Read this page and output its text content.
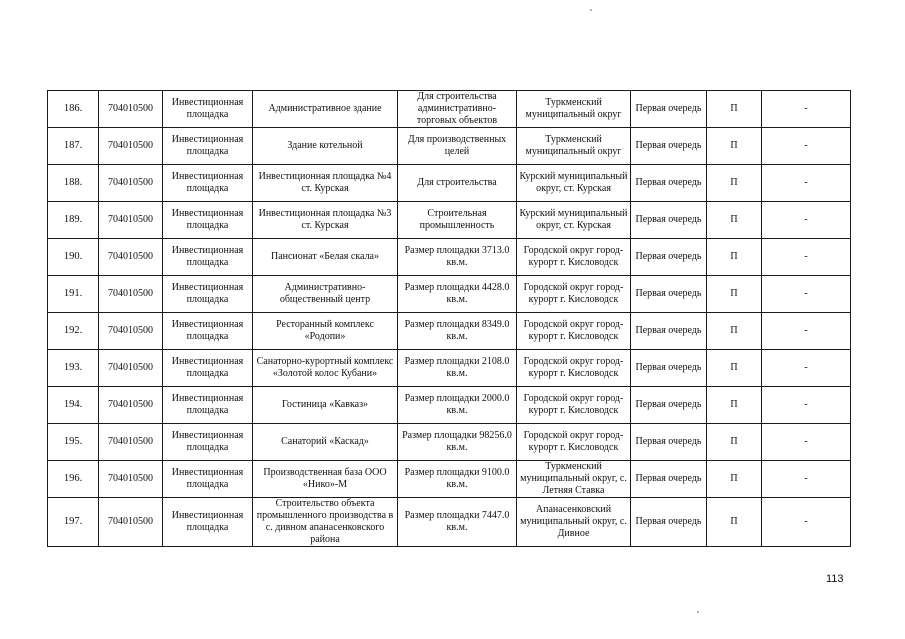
186.	704010500	Инвестиционная площадка	Административное здание	Для строительства административно-торговых объектов	Туркменский муниципальный округ	Первая очередь	П	-
187.	704010500	Инвестиционная площадка	Здание котельной	Для производственных целей	Туркменский муниципальный округ	Первая очередь	П	-
188.	704010500	Инвестиционная площадка	Инвестиционная площадка №4 ст. Курская	Для строительства	Курский муниципальный округ, ст. Курская	Первая очередь	П	-
189.	704010500	Инвестиционная площадка	Инвестиционная площадка №3 ст. Курская	Строительная промышленность	Курский муниципальный округ, ст. Курская	Первая очередь	П	-
190.	704010500	Инвестиционная площадка	Пансионат «Белая скала»	Размер площадки 3713.0 кв.м.	Городской округ город-курорт г. Кисловодск	Первая очередь	П	-
191.	704010500	Инвестиционная площадка	Административно-общественный центр	Размер площадки 4428.0 кв.м.	Городской округ город-курорт г. Кисловодск	Первая очередь	П	-
192.	704010500	Инвестиционная площадка	Ресторанный комплекс «Родопи»	Размер площадки 8349.0 кв.м.	Городской округ город-курорт г. Кисловодск	Первая очередь	П	-
193.	704010500	Инвестиционная площадка	Санаторно-курортный комплекс «Золотой колос Кубани»	Размер площадки 2108.0 кв.м.	Городской округ город-курорт г. Кисловодск	Первая очередь	П	-
194.	704010500	Инвестиционная площадка	Гостиница «Кавказ»	Размер площадки 2000.0 кв.м.	Городской округ город-курорт г. Кисловодск	Первая очередь	П	-
195.	704010500	Инвестиционная площадка	Санаторий «Каскад»	Размер площадки 98256.0 кв.м.	Городской округ город-курорт г. Кисловодск	Первая очередь	П	-
196.	704010500	Инвестиционная площадка	Производственная база ООО «Нико»-М	Размер площадки 9100.0 кв.м.	Туркменский муниципальный округ, с. Летняя Ставка	Первая очередь	П	-
197.	704010500	Инвестиционная площадка	Строительство объекта промышленного производства в с. дивном апанасенковского района	Размер площадки 7447.0 кв.м.	Апанасенковский муниципальный округ, с. Дивное	Первая очередь	П	-
113
